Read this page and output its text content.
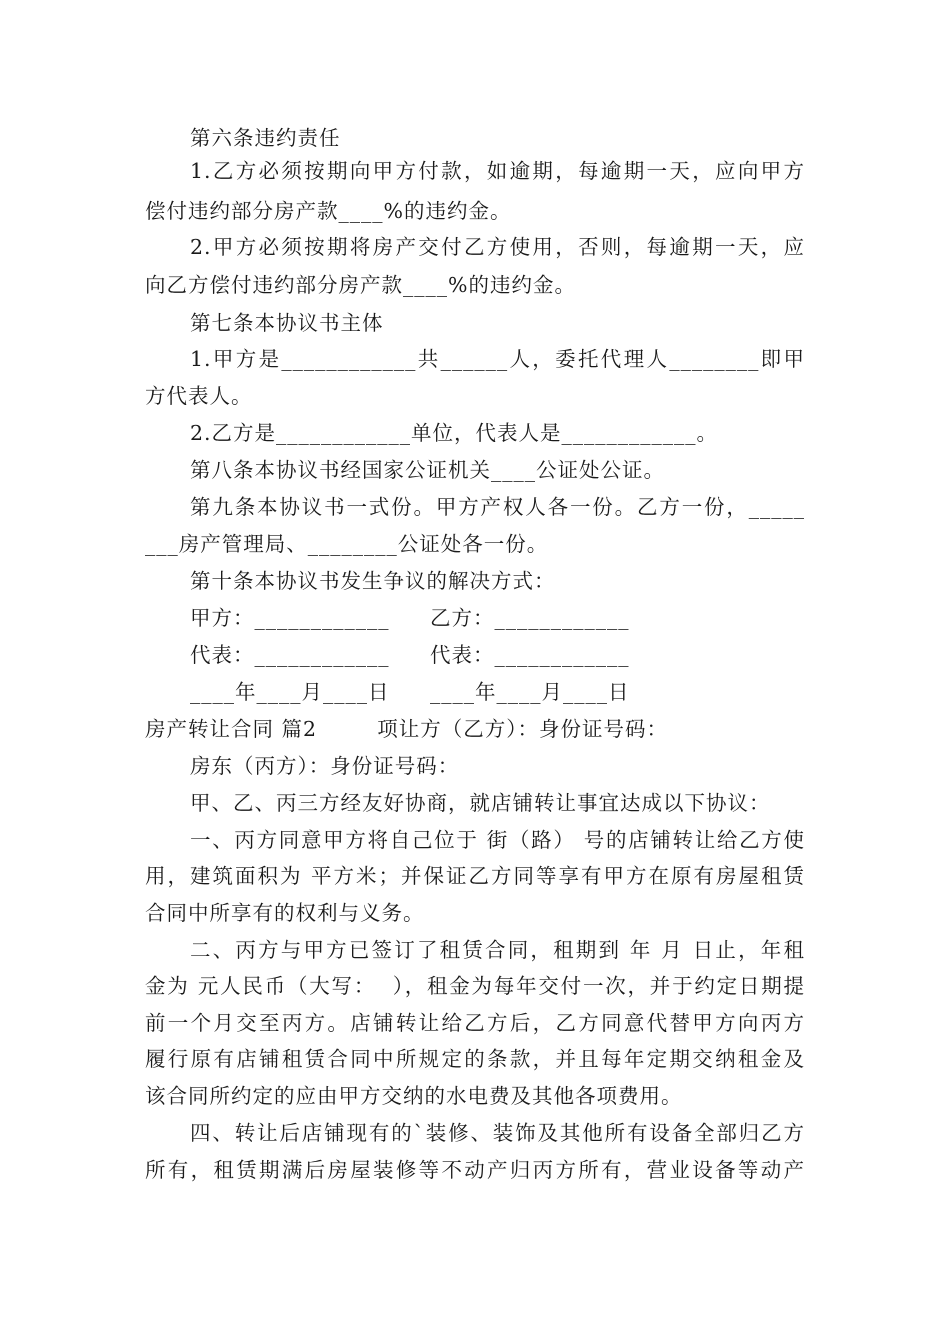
第六条违约责任
1.乙方必须按期向甲方付款，如逾期，每逾期一天，应向甲方
偿付违约部分房产款____%的违约金。
2.甲方必须按期将房产交付乙方使用，否则，每逾期一天，应
向乙方偿付违约部分房产款____%的违约金。
第七条本协议书主体
1.甲方是____________共______人，委托代理人________即甲
方代表人。
2.乙方是____________单位，代表人是____________。
第八条本协议书经国家公证机关____公证处公证。
第九条本协议书一式份。甲方产权人各一份。乙方一份，_____
___房产管理局、________公证处各一份。
第十条本协议书发生争议的解决方式：
甲方：____________ 乙方：____________
代表：____________ 代表：____________
____年____月____日 ____年____月____日
房产转让合同 篇2        项让方（乙方）：身份证号码：
房东（丙方）：身份证号码：
甲、乙、丙三方经友好协商，就店铺转让事宜达成以下协议：
一、丙方同意甲方将自己位于 街（路） 号的店铺转让给乙方使
用，建筑面积为 平方米；并保证乙方同等享有甲方在原有房屋租赁
合同中所享有的权利与义务。
二、丙方与甲方已签订了租赁合同，租期到 年 月 日止，年租
金为 元人民币（大写：  ），租金为每年交付一次，并于约定日期提
前一个月交至丙方。店铺转让给乙方后，乙方同意代替甲方向丙方
履行原有店铺租赁合同中所规定的条款，并且每年定期交纳租金及
该合同所约定的应由甲方交纳的水电费及其他各项费用。
四、转让后店铺现有的`装修、装饰及其他所有设备全部归乙方
所有，租赁期满后房屋装修等不动产归丙方所有，营业设备等动产
